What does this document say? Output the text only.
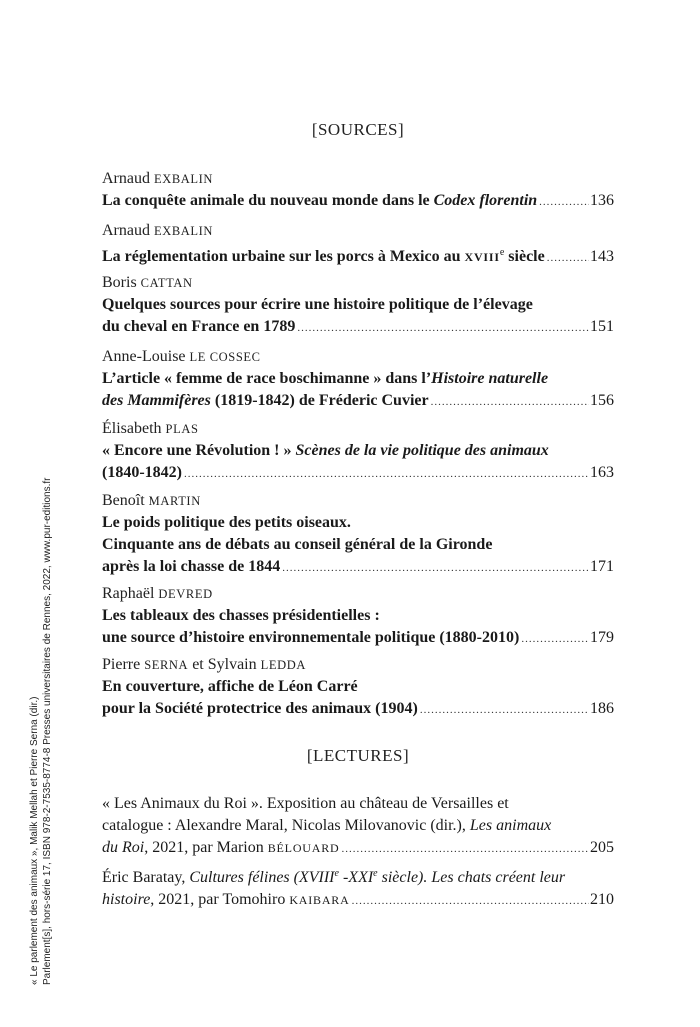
[SOURCES]
Arnaud EXBALIN
La conquête animale du nouveau monde dans le Codex florentin .....	136
Arnaud EXBALIN
La réglementation urbaine sur les porcs à Mexico au XVIIIe siècle .....	143
Boris CATTAN
Quelques sources pour écrire une histoire politique de l’élevage
du cheval en France en 1789 .....	151
Anne-Louise LE COSSEC
L’article « femme de race boschimanne » dans l’Histoire naturelle
des Mammifères (1819-1842) de Fréderic Cuvier .....	156
Élisabeth PLAS
« Encore une Révolution ! » Scènes de la vie politique des animaux
(1840-1842) .....	163
Benoît MARTIN
Le poids politique des petits oiseaux.
Cinquante ans de débats au conseil général de la Gironde
après la loi chasse de 1844 .....	171
Raphaël DEVRED
Les tableaux des chasses présidentielles :
une source d’histoire environnementale politique (1880-2010) .....	179
Pierre SERNA et Sylvain LEDDA
En couverture, affiche de Léon Carré
pour la Société protectrice des animaux (1904) .....	186
[LECTURES]
« Les Animaux du Roi ». Exposition au château de Versailles et
catalogue : Alexandre Maral, Nicolas Milovanovic (dir.), Les animaux
du Roi, 2021, par Marion BÉLOUARD .....	205
Éric Baratay, Cultures félines (XVIIIe -XXIe siècle). Les chats créent leur
histoire, 2021, par Tomohiro KAIBARA .....	210
« Le parlement des animaux », Malik Mellah et Pierre Serna (dir.) Parlement[s], hors-série 17, ISBN 978-2-7535-8774-8 Presses universitaires de Rennes, 2022, www.pur-editions.fr
